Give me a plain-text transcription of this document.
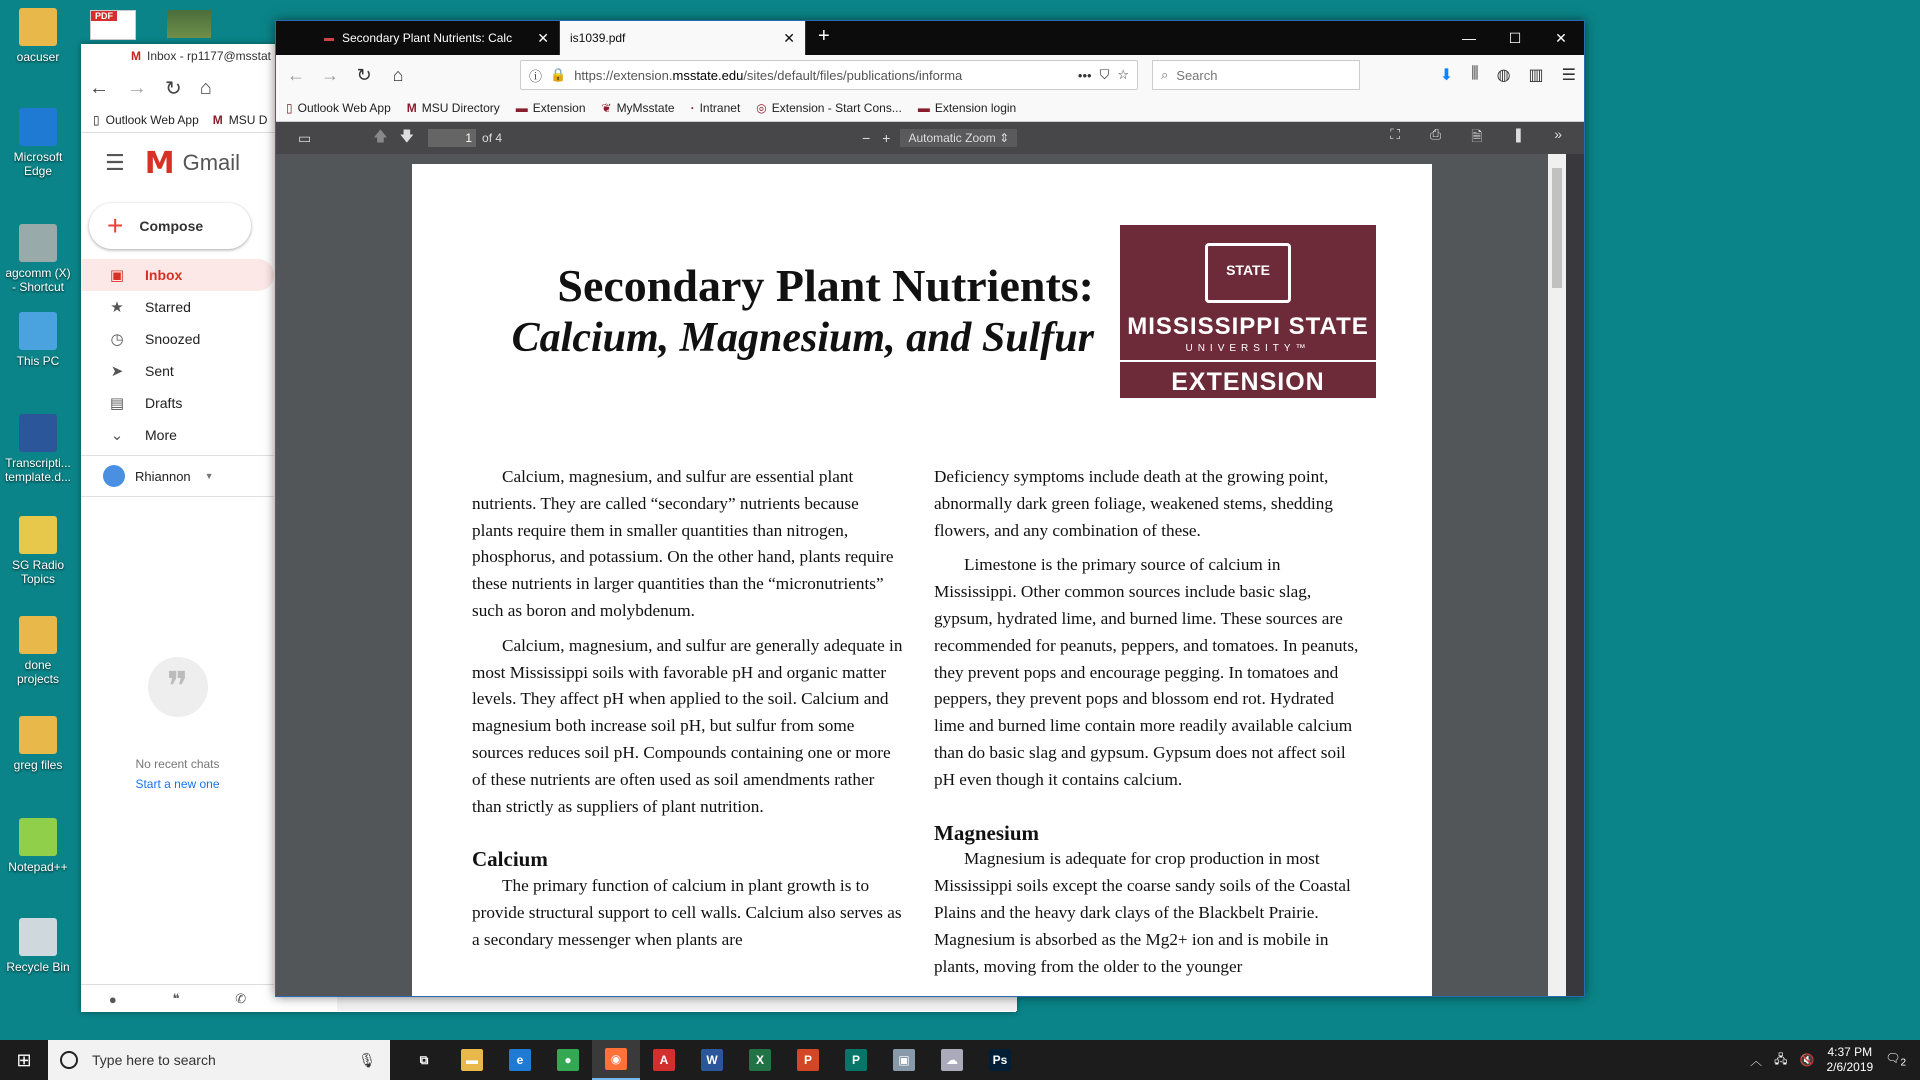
oacuser
Microsoft Edge
agcomm (X) - Shortcut
This PC
Transcripti... template.d...
SG Radio Topics
done projects
greg files
Notepad++
Recycle Bin
PDF
M Inbox - rp1177@msstat
← → ↻ ⌂
▯ Outlook Web App M MSU D
☰ M Gmail
+ Compose
▣ Inbox
★ Starred
◷ Snoozed
➤ Sent
▤ Drafts
⌄ More
Rhiannon ▼
❞
No recent chats
Start a new one
●	❝	✆
▬ Secondary Plant Nutrients: Calc	✕ is1039.pdf	✕	+	—	☐	✕
← → ↻	⌂	ⓘ 🔒 https://extension.msstate.edu/sites/default/files/publications/informa	••• ⛉ ☆ ⌕ Search	⬇ ⫼ ◍ ▥ ☰
▯ Outlook Web App M MSU Directory ▬ Extension ❦ MyMsstate · Intranet ◎ Extension - Start Cons... ▬ Extension login
▭	🡅 🡇	1 of 4	− +	Automatic Zoom ⇕	⛶ ⎙ 🗎 ❚ »
Secondary Plant Nutrients:
Calcium, Magnesium, and Sulfur
STATE
MISSISSIPPI STATE
UNIVERSITY™
EXTENSION

Calcium, magnesium, and sulfur are essential plant nutrients. They are called “secondary” nutrients because plants require them in smaller quantities than nitrogen, phosphorus, and potassium. On the other hand, plants require these nutrients in larger quantities than the “micronutrients” such as boron and molybdenum.

Calcium, magnesium, and sulfur are generally adequate in most Mississippi soils with favorable pH and organic matter levels. They affect pH when applied to the soil. Calcium and magnesium both increase soil pH, but sulfur from some sources reduces soil pH. Compounds containing one or more of these nutrients are often used as soil amendments rather than strictly as suppliers of plant nutrition.

Calcium

The primary function of calcium in plant growth is to provide structural support to cell walls. Calcium also serves as a secondary messenger when plants are

Deficiency symptoms include death at the growing point, abnormally dark green foliage, weakened stems, shedding flowers, and any combination of these.

Limestone is the primary source of calcium in Mississippi. Other common sources include basic slag, gypsum, hydrated lime, and burned lime. These sources are recommended for peanuts, peppers, and tomatoes. In peanuts, they prevent pops and encourage pegging. In tomatoes and peppers, they prevent pops and blossom end rot. Hydrated lime and burned lime contain more readily available calcium than do basic slag and gypsum. Gypsum does not affect soil pH even though it contains calcium.

Magnesium

Magnesium is adequate for crop production in most Mississippi soils except the coarse sandy soils of the Coastal Plains and the heavy dark clays of the Blackbelt Prairie. Magnesium is absorbed as the Mg2+ ion and is mobile in plants, moving from the older to the younger

⊞	Type here to search	🎙	⧉	▬	e	●	◉	A	W	X	P	P	▣	☁	Ps	︿ 🖧 🔇
4:37 PM
2/6/2019
$🗨_2$
